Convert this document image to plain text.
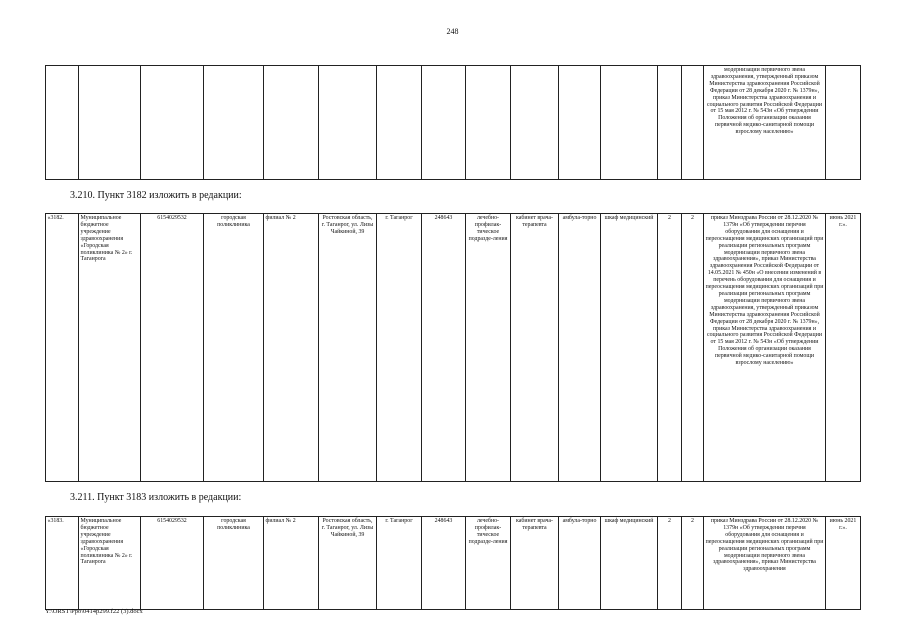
248
														модернизации первичного звена здравоохранения, утвержденный приказом Министерства здравоохранения Российской Федерации от 28 декабря 2020 г. № 1379н», приказ Министерства здравоохранения и социального развития Российской Федерации от 15 мая 2012 г. № 543н «Об утверждении Положения об организации оказания первичной медико-санитарной помощи взрослому населению»	
3.210. Пункт 3182 изложить в редакции:
«3182.	Муниципальное бюджетное учреждение здравоохранения «Городская поликлиника № 2» г. Таганрога	6154029532	городская поликлиника	филиал № 2	Ростовская область, г. Таганрог, ул. Лизы Чайкиной, 39	г. Таганрог	248643	лечебно-профилак-тическое подразде-ления	кабинет врача-терапевта	амбула-торно	шкаф медицинский	2	2	приказ Минздрава России от 28.12.2020 № 1379н «Об утверждении перечня оборудования для оснащения и переоснащения медицинских организаций при реализации региональных программ модернизации первичного звена здравоохранения», приказ Министерства здравоохранения Российской Федерации от 14.05.2021 № 450н «О внесении изменений в перечень оборудования для оснащения и переоснащения медицинских организаций при реализации региональных программ модернизации первичного звена здравоохранения, утвержденный приказом Министерства здравоохранения Российской Федерации от 28 декабря 2020 г. № 1379н», приказ Министерства здравоохранения и социального развития Российской Федерации от 15 мая 2012 г. № 543н «Об утверждении Положения об организации оказания первичной медико-санитарной помощи взрослому населению»	июнь 2021 г.».
3.211. Пункт 3183 изложить в редакции:
«3183.	Муниципальное бюджетное учреждение здравоохранения «Городская поликлиника № 2» г. Таганрога	6154029532	городская поликлиника	филиал № 2	Ростовская область, г. Таганрог, ул. Лизы Чайкиной, 39	г. Таганрог	248643	лечебно-профилак-тическое подразде-ления	кабинет врача-терапевта	амбула-торно	шкаф медицинский	2	2	приказ Минздрава России от 28.12.2020 № 1379н «Об утверждении перечня оборудования для оснащения и переоснащения медицинских организаций при реализации региональных программ модернизации первичного звена здравоохранения», приказ Министерства здравоохранения	июнь 2021 г.».
Y:\ORST\Ppo\0414p299.f22 (3).docx
